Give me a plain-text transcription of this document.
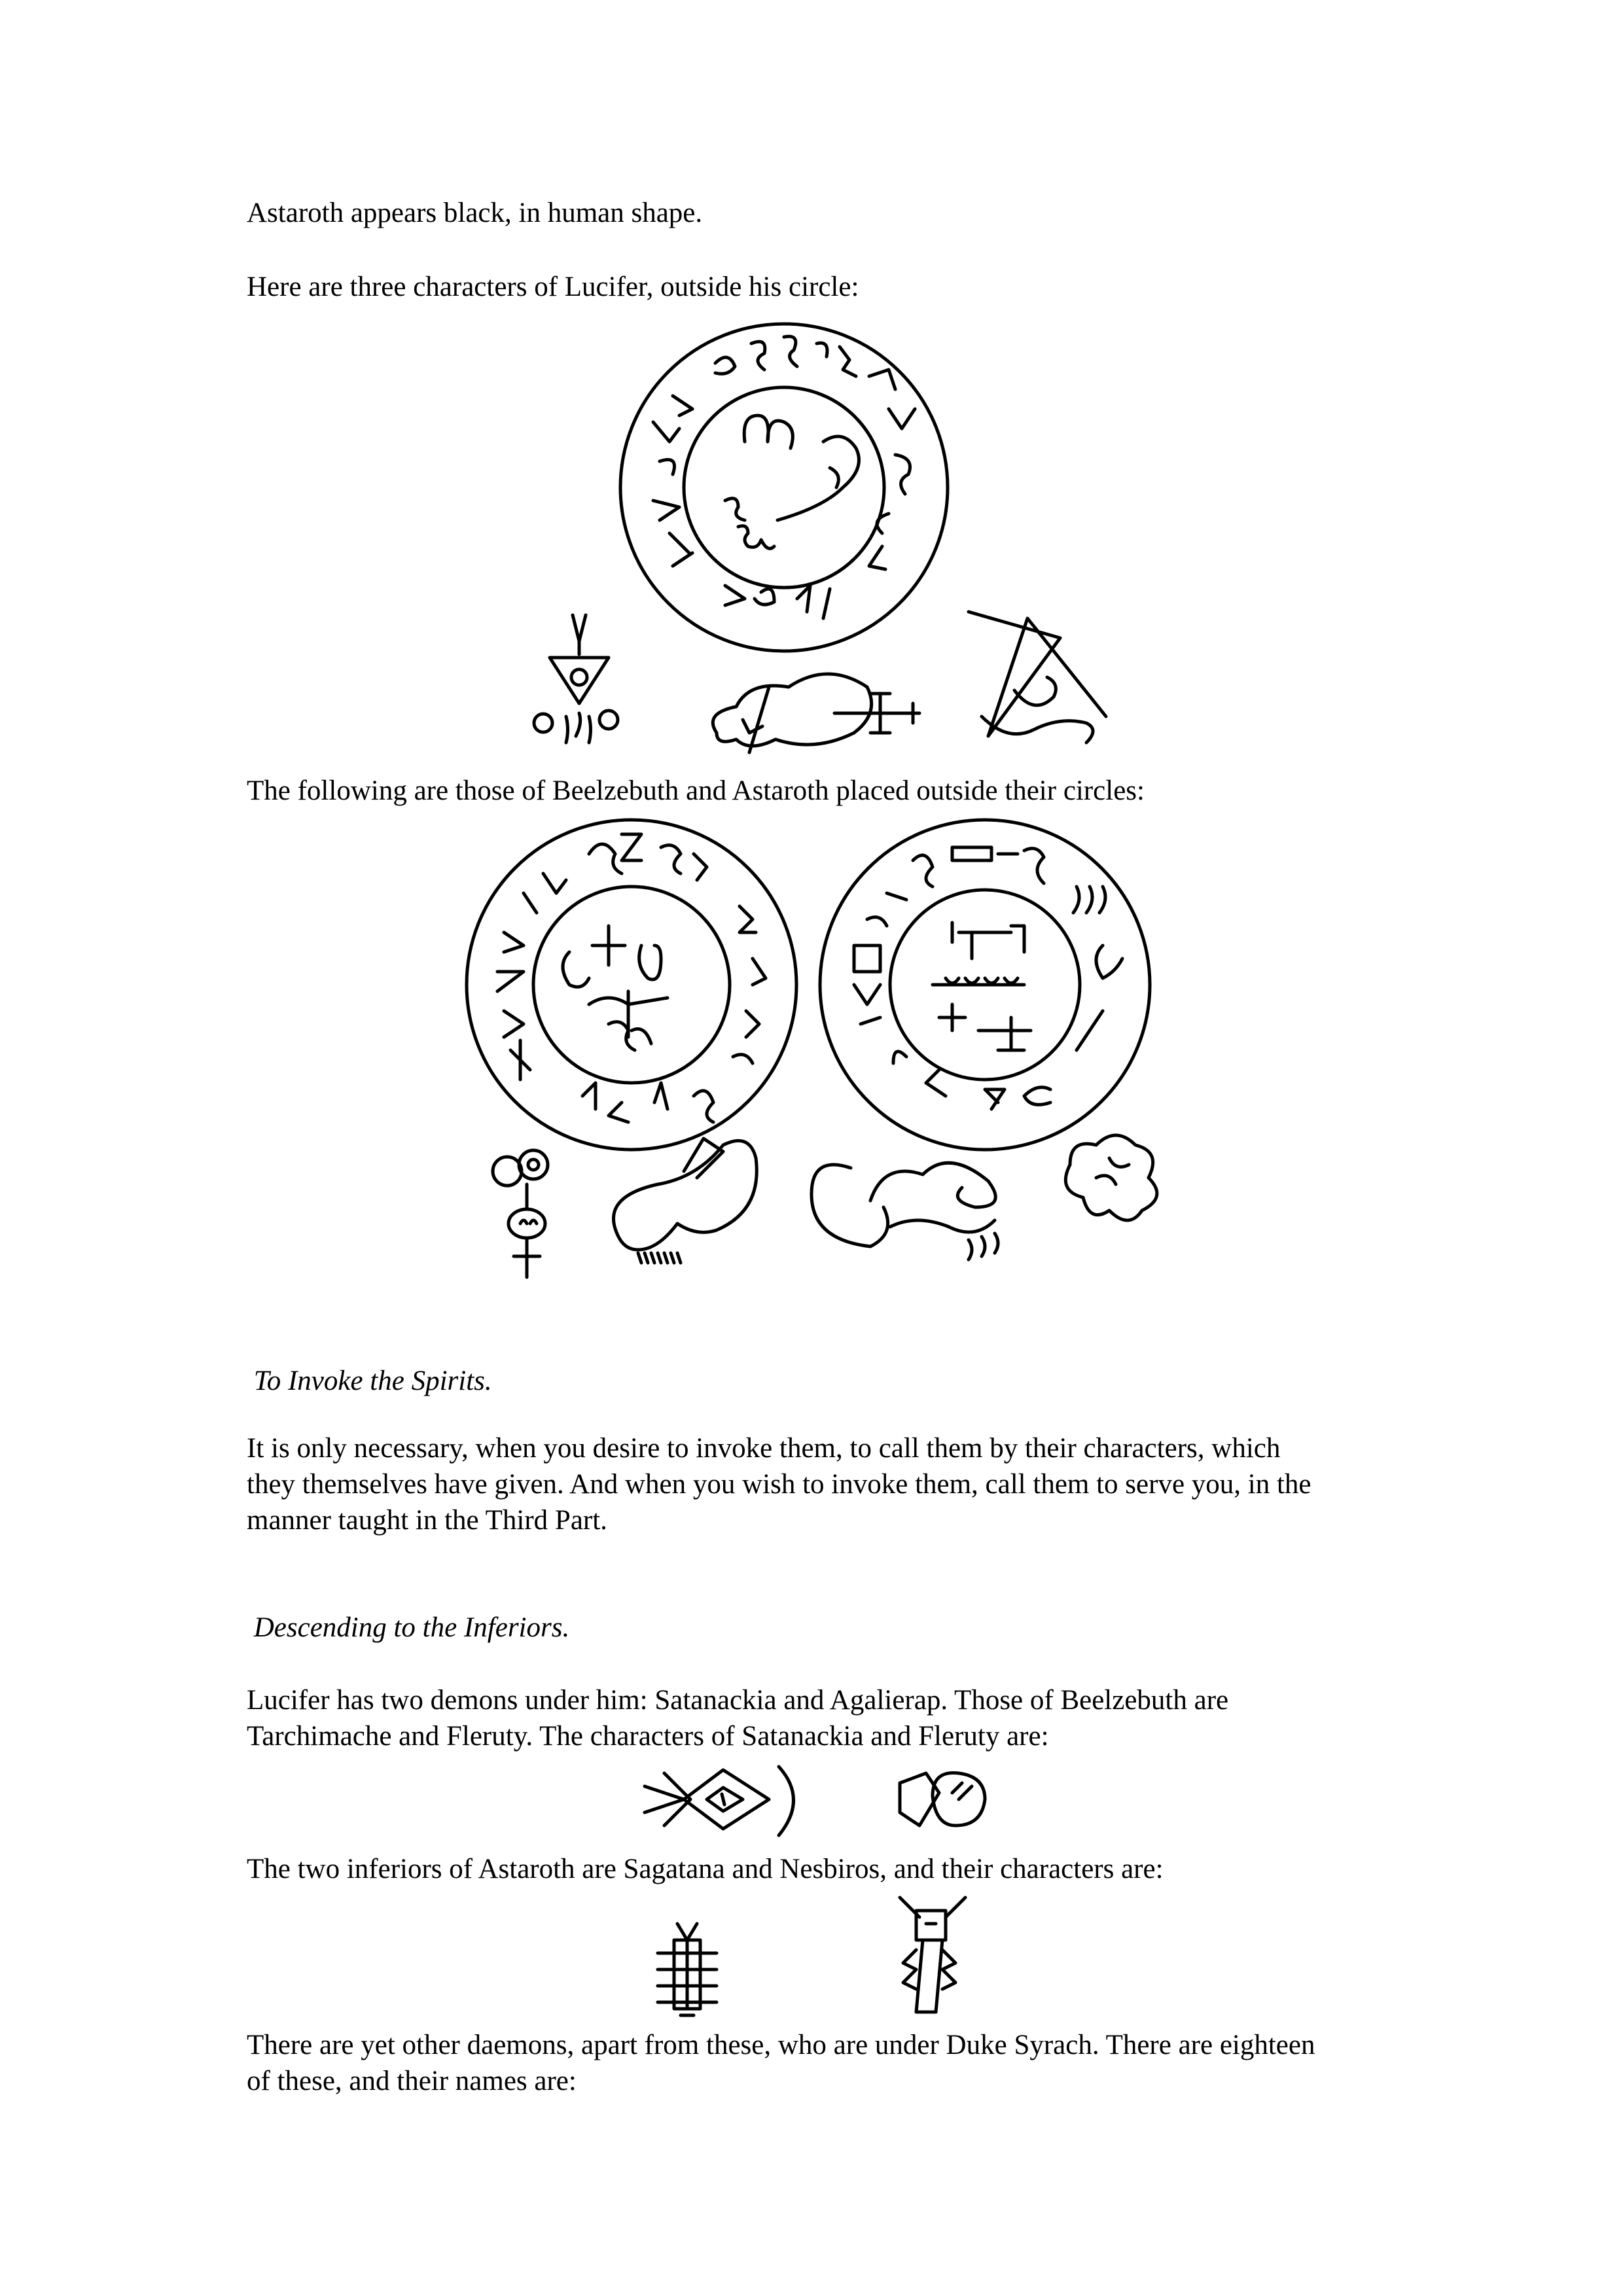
Astaroth appears black, in human shape.
Here are three characters of Lucifer, outside his circle:
The following are those of Beelzebuth and Astaroth placed outside their circles:
To Invoke the Spirits.
It is only necessary, when you desire to invoke them, to call them by their characters, which
they themselves have given. And when you wish to invoke them, call them to serve you, in the
manner taught in the Third Part.
Descending to the Inferiors.
Lucifer has two demons under him: Satanackia and Agalierap. Those of Beelzebuth are
Tarchimache and Fleruty. The characters of Satanackia and Fleruty are:
The two inferiors of Astaroth are Sagatana and Nesbiros, and their characters are:
There are yet other daemons, apart from these, who are under Duke Syrach. There are eighteen
of these, and their names are:
